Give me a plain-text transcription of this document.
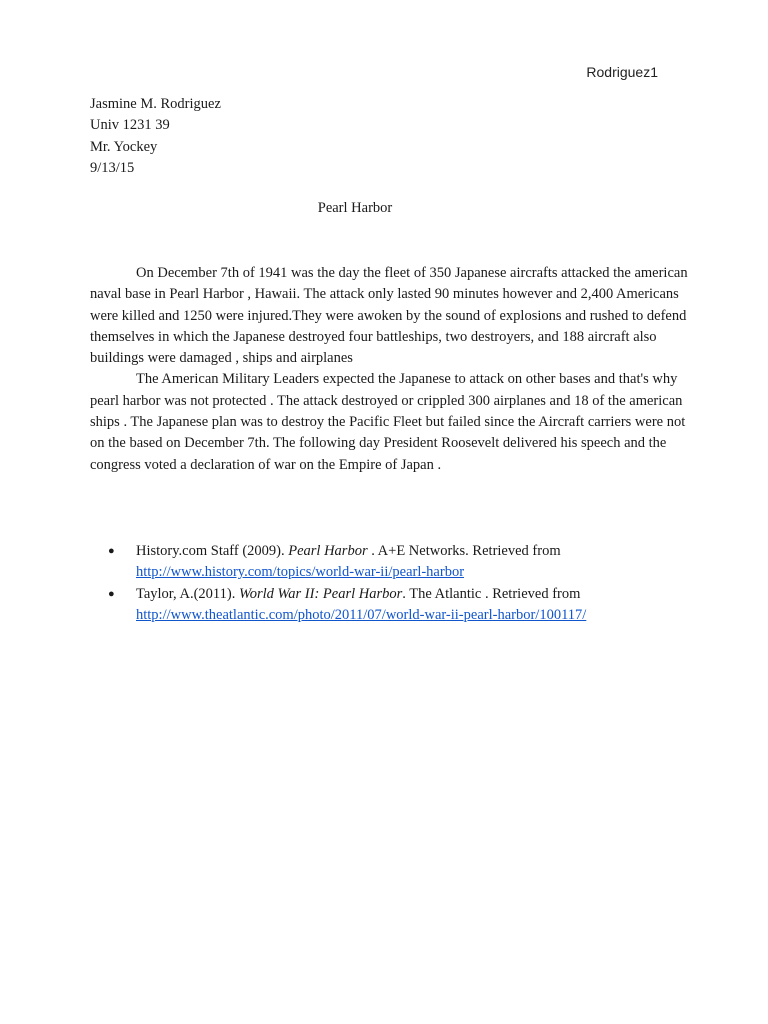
Rodriguez1
Jasmine M. Rodriguez
Univ 1231 39
Mr. Yockey
9/13/15
Pearl Harbor

On December 7th of 1941 was the day the fleet of 350 Japanese aircrafts attacked the american naval base in Pearl Harbor , Hawaii. The attack only lasted 90 minutes however and 2,400 Americans were killed and 1250 were injured.They were awoken by the sound of explosions and rushed to defend themselves in which the Japanese destroyed four battleships, two destroyers, and 188 aircraft also buildings were damaged , ships and airplanes

The American Military Leaders expected the Japanese to attack on other bases and that's why pearl harbor was not protected . The attack destroyed or crippled 300 airplanes and 18 of the american ships . The Japanese plan was to destroy the Pacific Fleet but failed since the Aircraft carriers were not on the based on December 7th. The following day President Roosevelt delivered his speech and the congress voted a declaration of war on the Empire of Japan .

● History.com Staff (2009). Pearl Harbor . A+E Networks. Retrieved from
http://www.history.com/topics/world-war-ii/pearl-harbor
● Taylor, A.(2011). World War II: Pearl Harbor. The Atlantic . Retrieved from
http://www.theatlantic.com/photo/2011/07/world-war-ii-pearl-harbor/100117/
